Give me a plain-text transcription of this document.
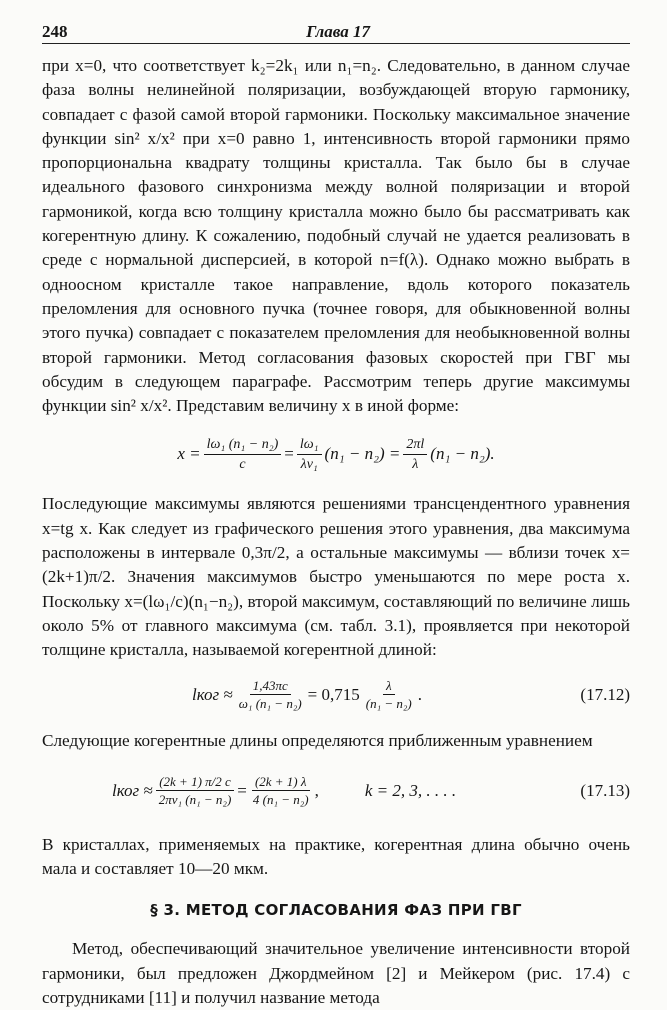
248	Глава 17

при x=0, что соответствует k₂=2k₁ или n₁=n₂. Следовательно, в данном случае фаза волны нелинейной поляризации, возбуждающей вторую гармонику, совпадает с фазой самой второй гармоники. Поскольку максимальное значение функции sin² x/x² при x=0 равно 1, интенсивность второй гармоники прямо пропорциональна квадрату толщины кристалла. Так было бы в случае идеального фазового синхронизма между волной поляризации и второй гармоникой, когда всю толщину кристалла можно было бы рассматривать как когерентную длину. К сожалению, подобный случай не удается реализовать в среде с нормальной дисперсией, в которой n=f(λ). Однако можно выбрать в одноосном кристалле такое направление, вдоль которого показатель преломления для основного пучка (точнее говоря, для обыкновенной волны этого пучка) совпадает с показателем преломления для необыкновенной волны второй гармоники. Метод согласования фазовых скоростей при ГВГ мы обсудим в следующем параграфе. Рассмотрим теперь другие максимумы функции sin² x/x². Представим величину x в иной форме:

$x = \frac{\text{lω₁ (n₁ − n₂)}}{c} = \frac{\text{lω₁}}{\text{λν₁}} (n_1 - n_2) = \frac{2\pi l}{\lambda} (n_1 - n_2)$.

Последующие максимумы являются решениями трансцендентного уравнения x=tg x. Как следует из графического решения этого уравнения, два максимума расположены в интервале 0,3π/2, а остальные максимумы — вблизи точек x=(2k+1)π/2. Значения максимумов быстро уменьшаются по мере роста x. Поскольку x=(lω₁/c)(n₁−n₂), второй максимум, составляющий по величине лишь около 5% от главного максимума (см. табл. 3.1), проявляется при некоторой толщине кристалла, называемой когерентной длиной:

lког ≈ $\frac{1,43\pi c}{\text{ω₁ (n₁ − n₂)}} = 0,715 \frac{\lambda}{\text{(n₁ − n₂)}}$ .	(17.12)

Следующие когерентные длины определяются приближенным уравнением

lког ≈ $\frac{(2k + 1) \pi/2 c}{\text{2πν₁ (n₁ − n₂)}} = \frac{(2k + 1) \lambda}{\text{4 (n₁ − n₂)}}$ ,	k = 2, 3, . . . .	(17.13)

В кристаллах, применяемых на практике, когерентная длина обычно очень мала и составляет 10—20 мкм.

§ 3. МЕТОД СОГЛАСОВАНИЯ ФАЗ ПРИ ГВГ

Метод, обеспечивающий значительное увеличение интенсивности второй гармоники, был предложен Джордмейном [2] и Мейкером (рис. 17.4) с сотрудниками [11] и получил название метода
